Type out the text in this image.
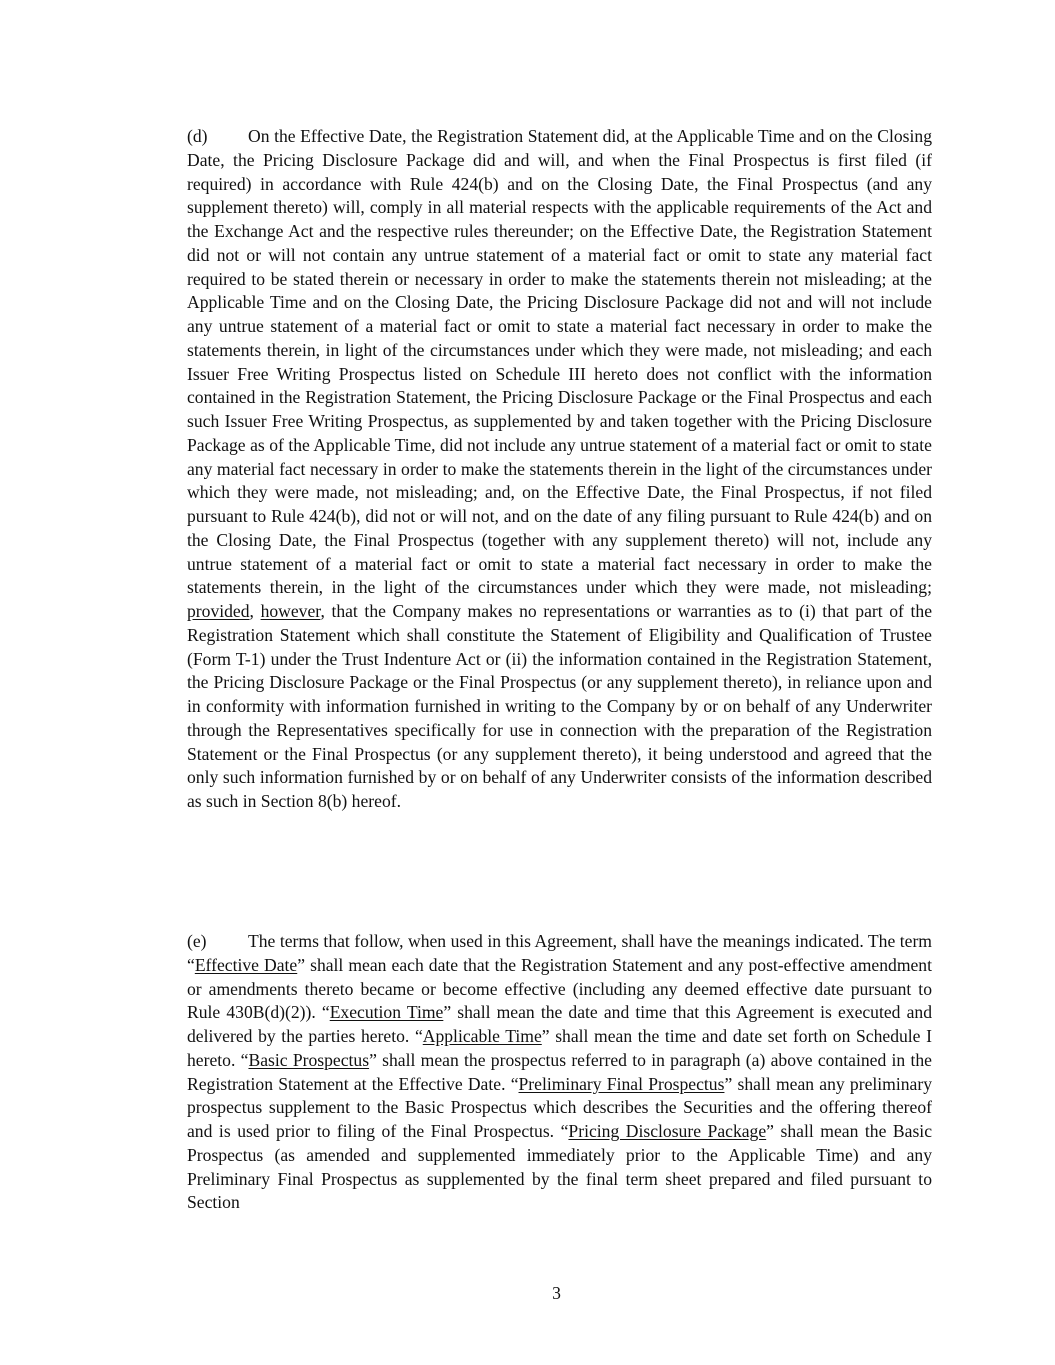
(d) On the Effective Date, the Registration Statement did, at the Applicable Time and on the Closing Date, the Pricing Disclosure Package did and will, and when the Final Prospectus is first filed (if required) in accordance with Rule 424(b) and on the Closing Date, the Final Prospectus (and any supplement thereto) will, comply in all material respects with the applicable requirements of the Act and the Exchange Act and the respective rules thereunder; on the Effective Date, the Registration Statement did not or will not contain any untrue statement of a material fact or omit to state any material fact required to be stated therein or necessary in order to make the statements therein not misleading; at the Applicable Time and on the Closing Date, the Pricing Disclosure Package did not and will not include any untrue statement of a material fact or omit to state a material fact necessary in order to make the statements therein, in light of the circumstances under which they were made, not misleading; and each Issuer Free Writing Prospectus listed on Schedule III hereto does not conflict with the information contained in the Registration Statement, the Pricing Disclosure Package or the Final Prospectus and each such Issuer Free Writing Prospectus, as supplemented by and taken together with the Pricing Disclosure Package as of the Applicable Time, did not include any untrue statement of a material fact or omit to state any material fact necessary in order to make the statements therein in the light of the circumstances under which they were made, not misleading; and, on the Effective Date, the Final Prospectus, if not filed pursuant to Rule 424(b), did not or will not, and on the date of any filing pursuant to Rule 424(b) and on the Closing Date, the Final Prospectus (together with any supplement thereto) will not, include any untrue statement of a material fact or omit to state a material fact necessary in order to make the statements therein, in the light of the circumstances under which they were made, not misleading; provided, however, that the Company makes no representations or warranties as to (i) that part of the Registration Statement which shall constitute the Statement of Eligibility and Qualification of Trustee (Form T-1) under the Trust Indenture Act or (ii) the information contained in the Registration Statement, the Pricing Disclosure Package or the Final Prospectus (or any supplement thereto), in reliance upon and in conformity with information furnished in writing to the Company by or on behalf of any Underwriter through the Representatives specifically for use in connection with the preparation of the Registration Statement or the Final Prospectus (or any supplement thereto), it being understood and agreed that the only such information furnished by or on behalf of any Underwriter consists of the information described as such in Section 8(b) hereof.

(e) The terms that follow, when used in this Agreement, shall have the meanings indicated. The term “Effective Date” shall mean each date that the Registration Statement and any post-effective amendment or amendments thereto became or become effective (including any deemed effective date pursuant to Rule 430B(d)(2)). “Execution Time” shall mean the date and time that this Agreement is executed and delivered by the parties hereto. “Applicable Time” shall mean the time and date set forth on Schedule I hereto. “Basic Prospectus” shall mean the prospectus referred to in paragraph (a) above contained in the Registration Statement at the Effective Date. “Preliminary Final Prospectus” shall mean any preliminary prospectus supplement to the Basic Prospectus which describes the Securities and the offering thereof and is used prior to filing of the Final Prospectus. “Pricing Disclosure Package” shall mean the Basic Prospectus (as amended and supplemented immediately prior to the Applicable Time) and any Preliminary Final Prospectus as supplemented by the final term sheet prepared and filed pursuant to Section

3
